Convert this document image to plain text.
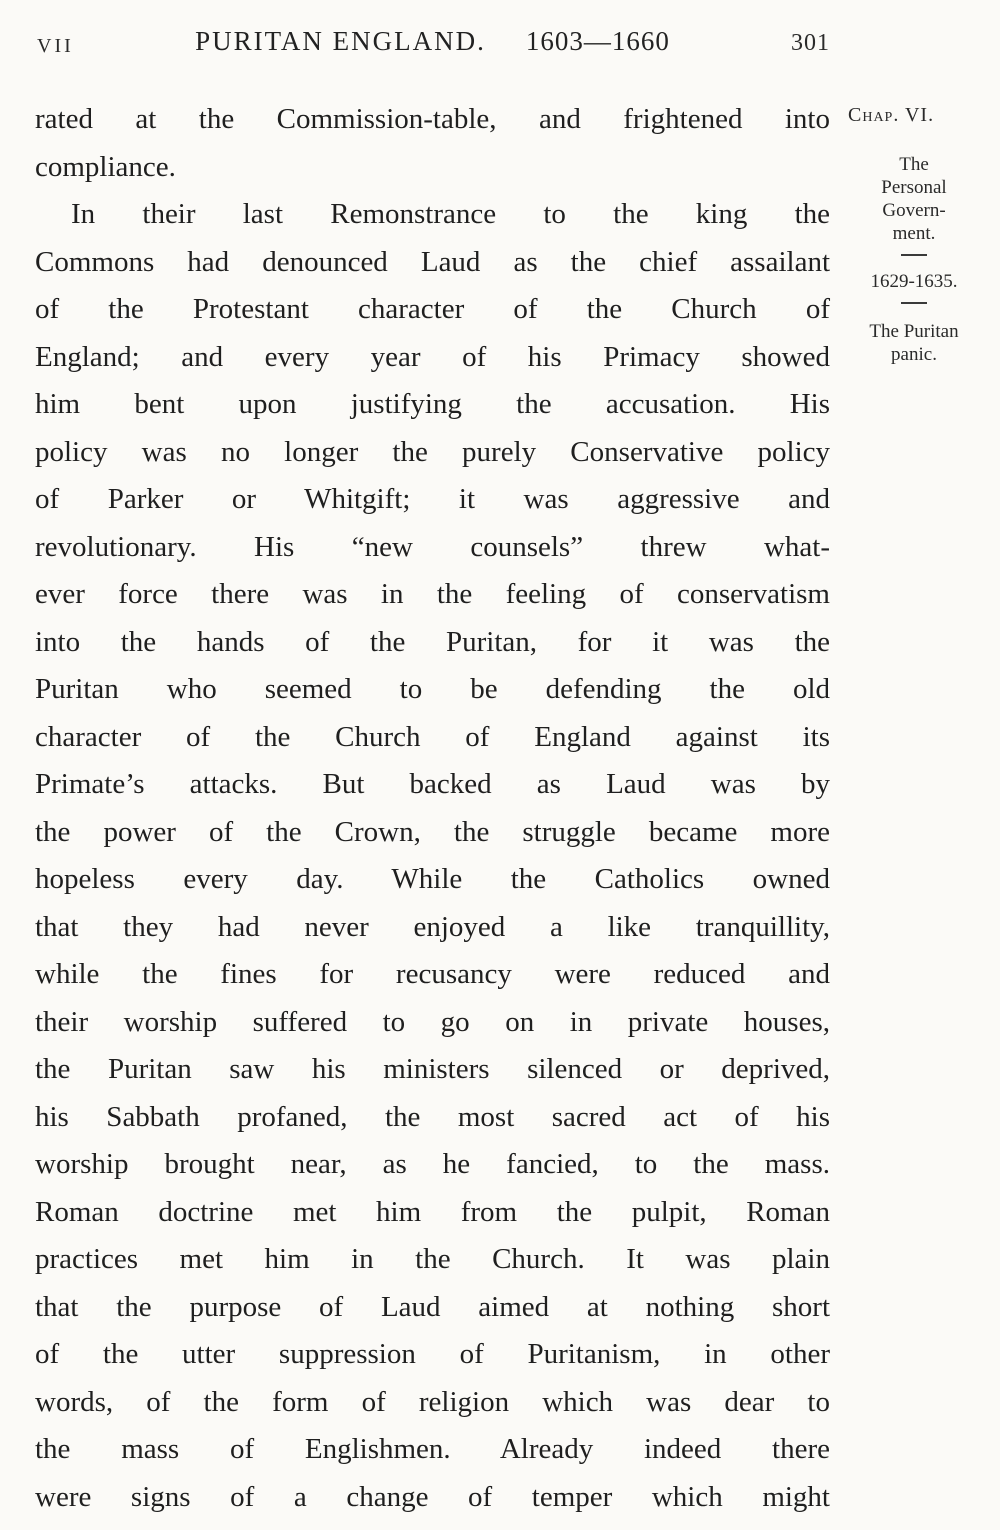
VII	PURITAN ENGLAND. 1603—1660	301
rated at the Commission-table, and frightened into
compliance.
In their last Remonstrance to the king the
Commons had denounced Laud as the chief assailant
of the Protestant character of the Church of
England; and every year of his Primacy showed
him bent upon justifying the accusation. His
policy was no longer the purely Conservative policy
of Parker or Whitgift; it was aggressive and
revolutionary. His “new counsels” threw what-
ever force there was in the feeling of conservatism
into the hands of the Puritan, for it was the
Puritan who seemed to be defending the old
character of the Church of England against its
Primate’s attacks. But backed as Laud was by
the power of the Crown, the struggle became more
hopeless every day. While the Catholics owned
that they had never enjoyed a like tranquillity,
while the fines for recusancy were reduced and
their worship suffered to go on in private houses,
the Puritan saw his ministers silenced or deprived,
his Sabbath profaned, the most sacred act of his
worship brought near, as he fancied, to the mass.
Roman doctrine met him from the pulpit, Roman
practices met him in the Church. It was plain
that the purpose of Laud aimed at nothing short
of the utter suppression of Puritanism, in other
words, of the form of religion which was dear to
the mass of Englishmen. Already indeed there
were signs of a change of temper which might
Chap. VI.
The
Personal
Govern-
ment.
1629-1635.
The Puritan
panic.
